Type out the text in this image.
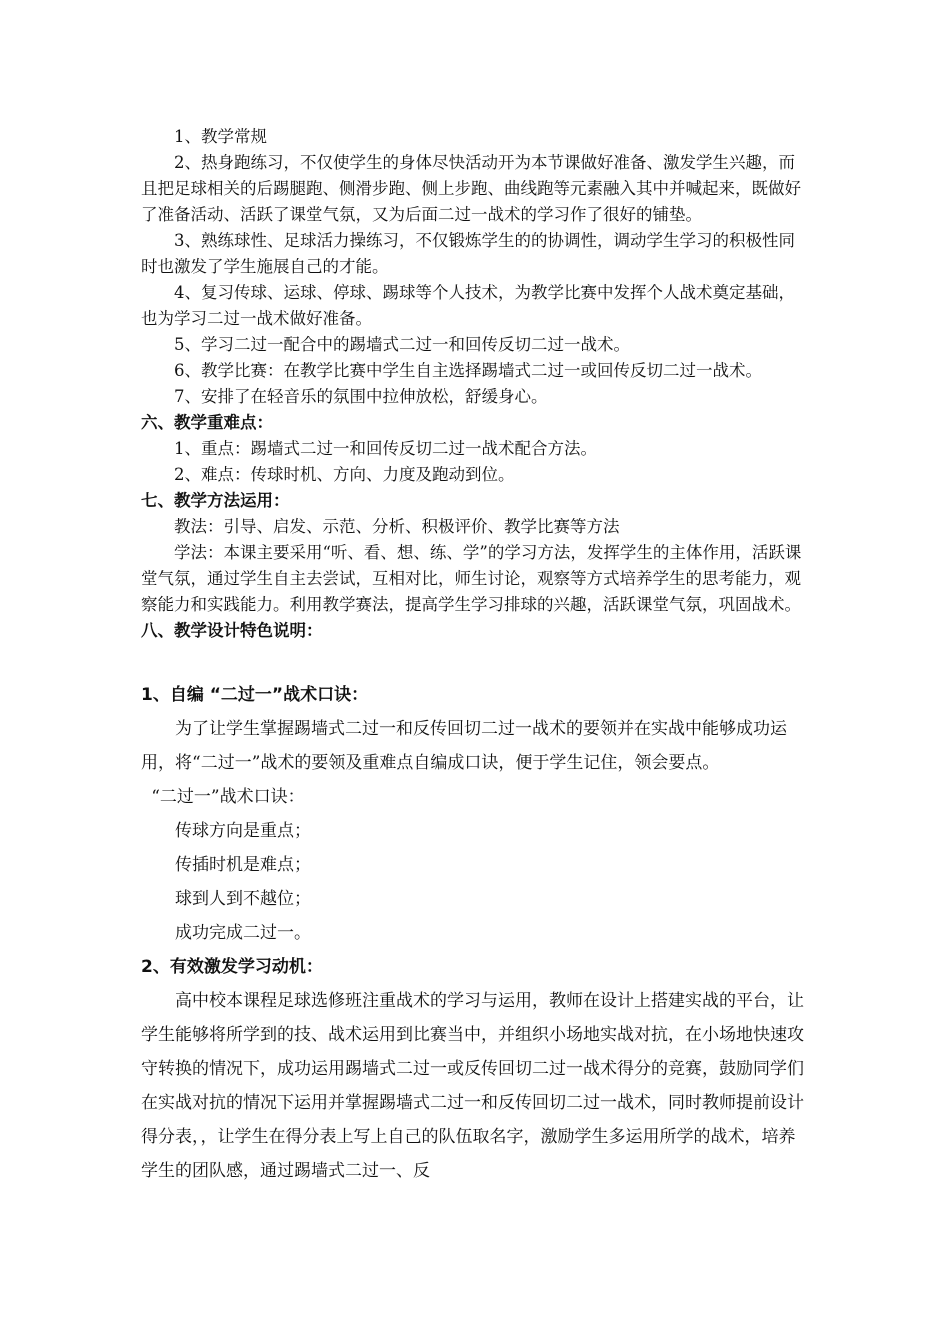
1、教学常规

2、热身跑练习，不仅使学生的身体尽快活动开为本节课做好准备、激发学生兴趣，而且把足球相关的后踢腿跑、侧滑步跑、侧上步跑、曲线跑等元素融入其中并喊起来，既做好了准备活动、活跃了课堂气氛，又为后面二过一战术的学习作了很好的铺垫。

3、熟练球性、足球活力操练习，不仅锻炼学生的的协调性，调动学生学习的积极性同时也激发了学生施展自己的才能。

4、复习传球、运球、停球、踢球等个人技术，为教学比赛中发挥个人战术奠定基础，也为学习二过一战术做好准备。

5、学习二过一配合中的踢墙式二过一和回传反切二过一战术。

6、教学比赛：在教学比赛中学生自主选择踢墙式二过一或回传反切二过一战术。

7、安排了在轻音乐的氛围中拉伸放松，舒缓身心。

六、教学重难点：

1、重点：踢墙式二过一和回传反切二过一战术配合方法。

2、难点：传球时机、方向、力度及跑动到位。

七、教学方法运用：

教法：引导、启发、示范、分析、积极评价、教学比赛等方法

学法：本课主要采用“听、看、想、练、学”的学习方法，发挥学生的主体作用，活跃课堂气氛，通过学生自主去尝试，互相对比，师生讨论，观察等方式培养学生的思考能力，观察能力和实践能力。利用教学赛法，提高学生学习排球的兴趣，活跃课堂气氛，巩固战术。

八、教学设计特色说明：

1、自编 “二过一”战术口诀：

为了让学生掌握踢墙式二过一和反传回切二过一战术的要领并在实战中能够成功运用，将“二过一”战术的要领及重难点自编成口诀，便于学生记住，领会要点。

“二过一”战术口诀：

传球方向是重点；

传插时机是难点；

球到人到不越位；

成功完成二过一。

2、有效激发学习动机：

高中校本课程足球选修班注重战术的学习与运用，教师在设计上搭建实战的平台，让学生能够将所学到的技、战术运用到比赛当中，并组织小场地实战对抗，在小场地快速攻守转换的情况下，成功运用踢墙式二过一或反传回切二过一战术得分的竞赛，鼓励同学们在实战对抗的情况下运用并掌握踢墙式二过一和反传回切二过一战术，同时教师提前设计得分表，，让学生在得分表上写上自己的队伍取名字，激励学生多运用所学的战术，培养学生的团队感，通过踢墙式二过一、反
